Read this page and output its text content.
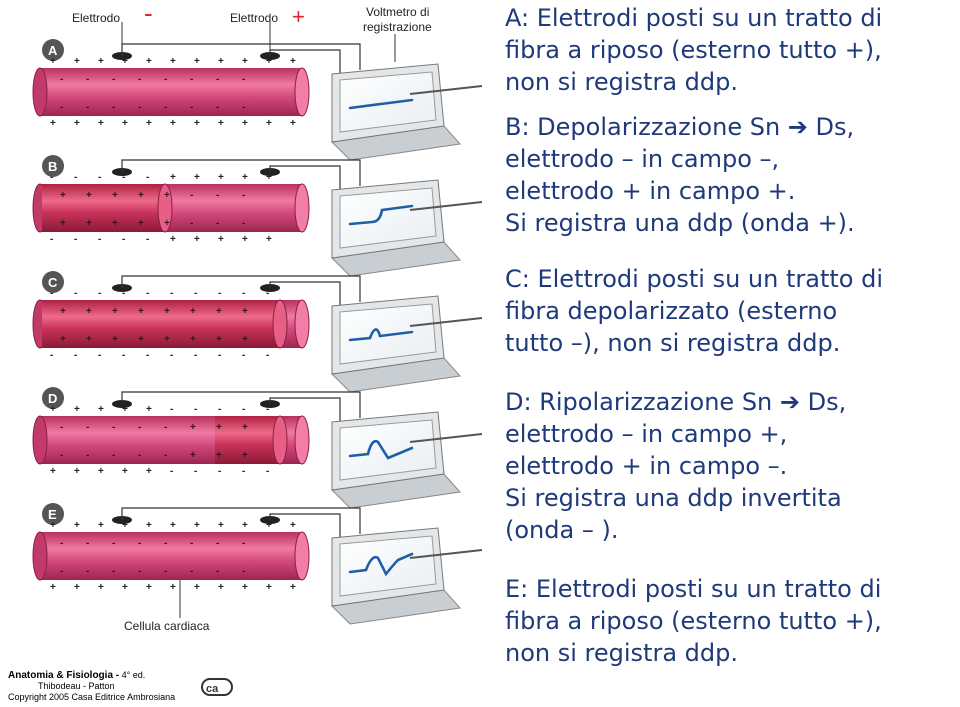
Elettrodo -	Elettrodo +	Voltmetro di
registrazione
A
+ + + + + + + + + + +
+ + + + + + + + + + +
- - - - - - - -
- - - - - - - -
B
- - - - - + + + + +
- - - - - + + + + +
+ + + + + - - -
+ + + + + - - -
C
- - - - - - - - - -
- - - - - - - - - -
+ + + + + + + +
+ + + + + + + +
D
+ + + + + - - - - -
+ + + + + - - - - -
- - - - - + + +
- - - - - + + +
E
+ + + + + + + + + + +
+ + + + + + + + + + +
- - - - - - - -
- - - - - - - -
Cellula cardiaca
ca
Anatomia & Fisiologia - 4° ed.
Thibodeau - Patton
Copyright 2005 Casa Editrice Ambrosiana
A: Elettrodi posti su un tratto di
fibra a riposo (esterno tutto +),
non si registra ddp.
B: Depolarizzazione Sn ➔ Ds,
elettrodo – in campo –,
elettrodo + in campo +.
Si registra una ddp (onda +).
C: Elettrodi posti su un tratto di
fibra depolarizzato (esterno
tutto –), non si registra ddp.
D: Ripolarizzazione Sn ➔ Ds,
elettrodo – in campo +,
elettrodo + in campo –.
Si registra una ddp invertita
(onda – ).
E: Elettrodi posti su un tratto di
fibra a riposo (esterno tutto +),
non si registra ddp.
